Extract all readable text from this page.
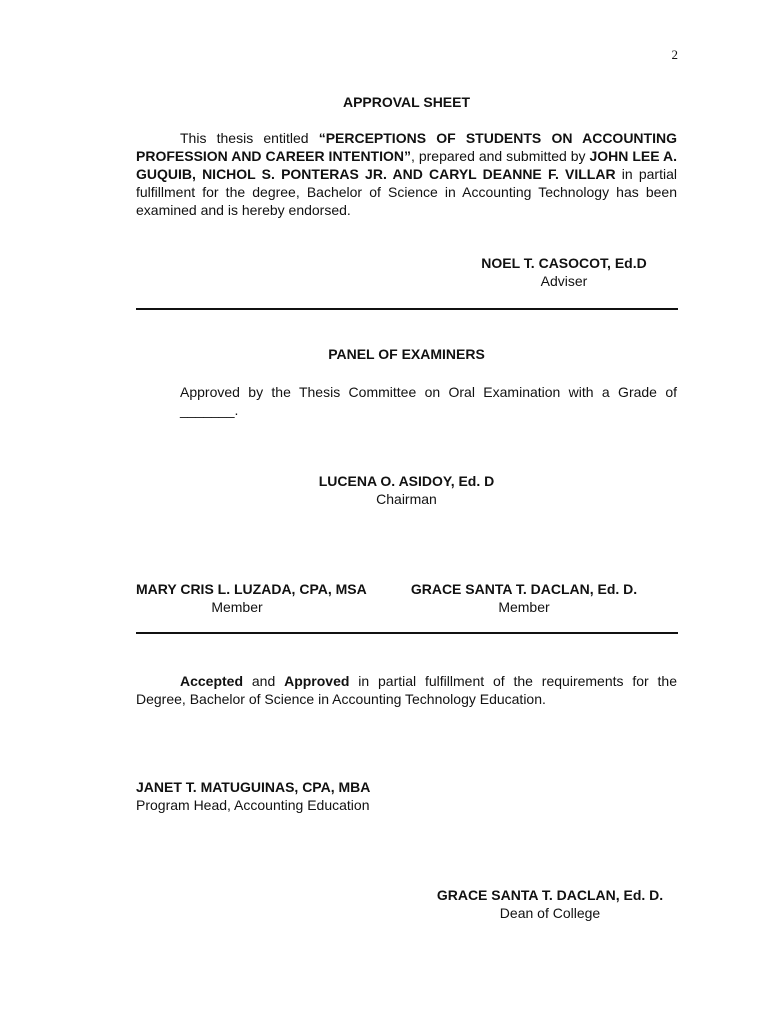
2
APPROVAL SHEET
This thesis entitled “PERCEPTIONS OF STUDENTS ON ACCOUNTING PROFESSION AND CAREER INTENTION”, prepared and submitted by JOHN LEE A. GUQUIB, NICHOL S. PONTERAS JR. AND CARYL DEANNE F. VILLAR in partial fulfillment for the degree, Bachelor of Science in Accounting Technology has been examined and is hereby endorsed.
NOEL T. CASOCOT, Ed.D
Adviser
PANEL OF EXAMINERS
Approved by the Thesis Committee on Oral Examination with a Grade of _______.
LUCENA O. ASIDOY, Ed. D
Chairman
MARY CRIS L. LUZADA, CPA, MSA
Member
GRACE SANTA T. DACLAN, Ed. D.
Member
Accepted and Approved in partial fulfillment of the requirements for the Degree, Bachelor of Science in Accounting Technology Education.
JANET T. MATUGUINAS, CPA, MBA
Program Head, Accounting Education
GRACE SANTA T. DACLAN, Ed. D.
Dean of College
